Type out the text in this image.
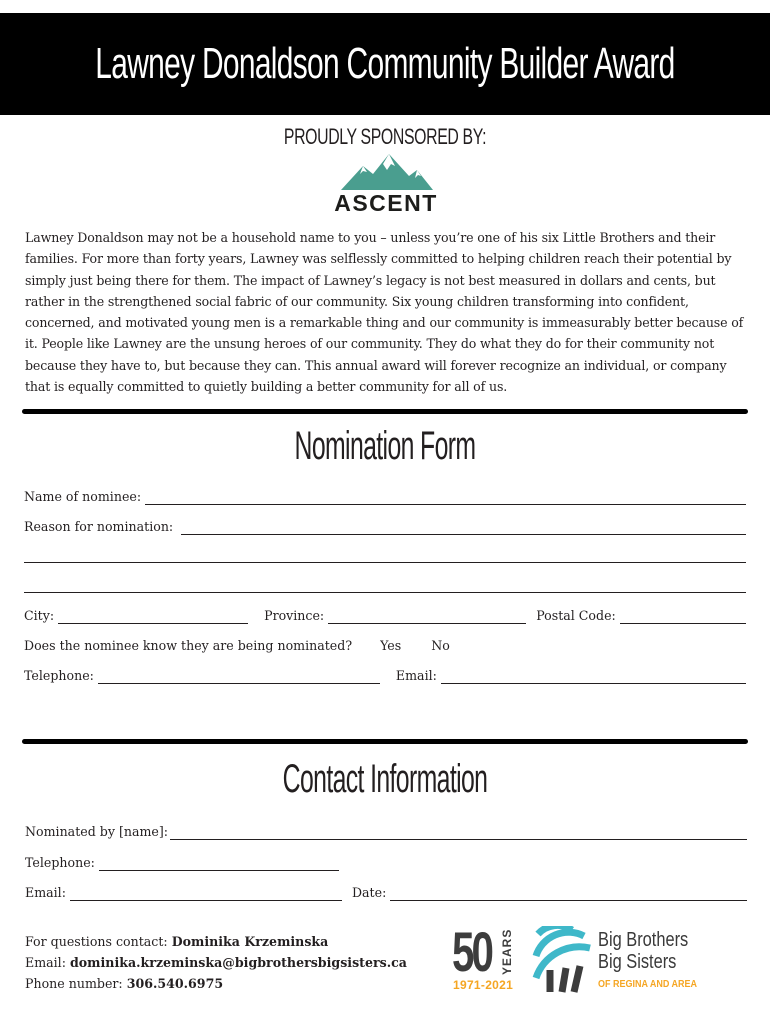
Lawney Donaldson Community Builder Award
PROUDLY SPONSORED BY:
ASCENT
Lawney Donaldson may not be a household name to you – unless you’re one of his six Little Brothers and their families. For more than forty years, Lawney was selflessly committed to helping children reach their potential by simply just being there for them. The impact of Lawney’s legacy is not best measured in dollars and cents, but rather in the strengthened social fabric of our community. Six young children transforming into confident, concerned, and motivated young men is a remarkable thing and our community is immeasurably better because of it. People like Lawney are the unsung heroes of our community. They do what they do for their community not because they have to, but because they can. This annual award will forever recognize an individual, or company that is equally committed to quietly building a better community for all of us.
Nomination Form
Name of nominee:
Reason for nomination:
City:	Province:	Postal Code:
Does the nominee know they are being nominated?	Yes	No
Telephone:	Email:
Contact Information
Nominated by [name]:
Telephone:
Email:	Date:
For questions contact: Dominika Krzeminska
Email: dominika.krzeminska@bigbrothersbigsisters.ca
Phone number: 306.540.6975
50 YEARS
1971-2021
Big Brothers
Big Sisters
OF REGINA AND AREA
